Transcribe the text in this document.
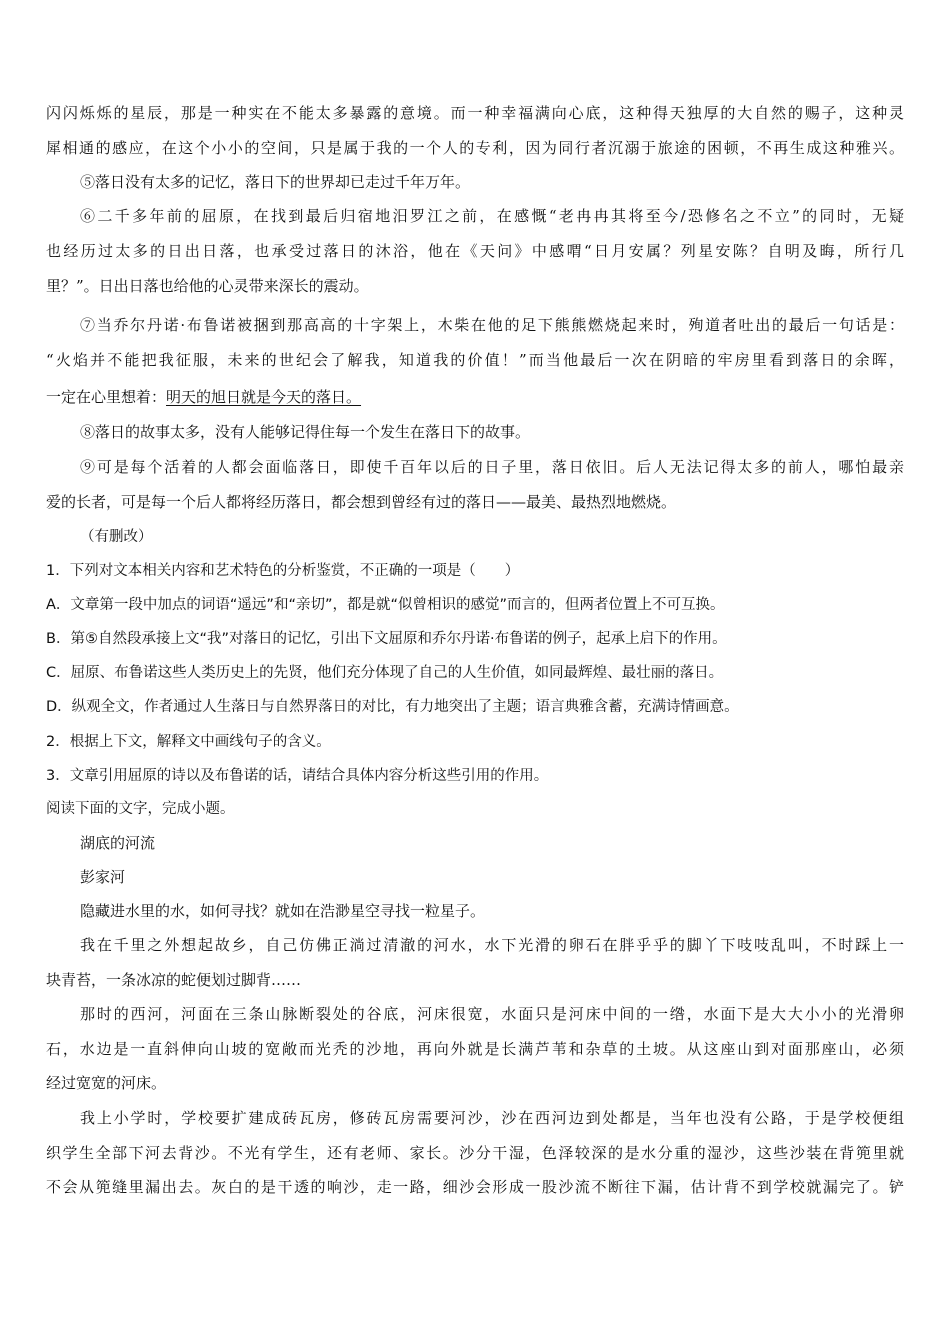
闪闪烁烁的星辰，那是一种实在不能太多暴露的意境。而一种幸福满向心底，这种得天独厚的大自然的赐子，这种灵
犀相通的感应，在这个小小的空间，只是属于我的一个人的专利，因为同行者沉溺于旅途的困顿，不再生成这种雅兴。
⑤落日没有太多的记忆，落日下的世界却已走过千年万年。
⑥二千多年前的屈原，在找到最后归宿地汨罗江之前，在感慨“老冉冉其将至今/恐修名之不立”的同时，无疑
也经历过太多的日出日落，也承受过落日的沐浴，他在《天问》中感喟“日月安属？列星安陈？自明及晦，所行几
里？”。日出日落也给他的心灵带来深长的震动。
⑦当乔尔丹诺·布鲁诺被捆到那高高的十字架上，木柴在他的足下熊熊燃烧起来时，殉道者吐出的最后一句话是：
“火焰并不能把我征服，未来的世纪会了解我，知道我的价值！”而当他最后一次在阴暗的牢房里看到落日的余晖，
一定在心里想着：明天的旭日就是今天的落日。
⑧落日的故事太多，没有人能够记得住每一个发生在落日下的故事。
⑨可是每个活着的人都会面临落日，即使千百年以后的日子里，落日依旧。后人无法记得太多的前人，哪怕最亲
爱的长者，可是每一个后人都将经历落日，都会想到曾经有过的落日——最美、最热烈地燃烧。
（有删改）
1．下列对文本相关内容和艺术特色的分析鉴赏，不正确的一项是（　　）
A．文章第一段中加点的词语“遥远”和“亲切”，都是就“似曾相识的感觉”而言的，但两者位置上不可互换。
B．第⑤自然段承接上文“我”对落日的记忆，引出下文屈原和乔尔丹诺·布鲁诺的例子，起承上启下的作用。
C．屈原、布鲁诺这些人类历史上的先贤，他们充分体现了自己的人生价值，如同最辉煌、最壮丽的落日。
D．纵观全文，作者通过人生落日与自然界落日的对比，有力地突出了主题；语言典雅含蓄，充满诗情画意。
2．根据上下文，解释文中画线句子的含义。
3．文章引用屈原的诗以及布鲁诺的话，请结合具体内容分析这些引用的作用。
阅读下面的文字，完成小题。
湖底的河流
彭家河
隐藏进水里的水，如何寻找？就如在浩渺星空寻找一粒星子。
我在千里之外想起故乡，自己仿佛正淌过清澈的河水，水下光滑的卵石在胖乎乎的脚丫下吱吱乱叫，不时踩上一
块青苔，一条冰凉的蛇便划过脚背……
那时的西河，河面在三条山脉断裂处的谷底，河床很宽，水面只是河床中间的一绺，水面下是大大小小的光滑卵
石，水边是一直斜伸向山坡的宽敞而光秃的沙地，再向外就是长满芦苇和杂草的土坡。从这座山到对面那座山，必须
经过宽宽的河床。
我上小学时，学校要扩建成砖瓦房，修砖瓦房需要河沙，沙在西河边到处都是，当年也没有公路，于是学校便组
织学生全部下河去背沙。不光有学生，还有老师、家长。沙分干湿，色泽较深的是水分重的湿沙，这些沙装在背篼里就
不会从篼缝里漏出去。灰白的是干透的响沙，走一路，细沙会形成一股沙流不断往下漏，估计背不到学校就漏完了。铲
